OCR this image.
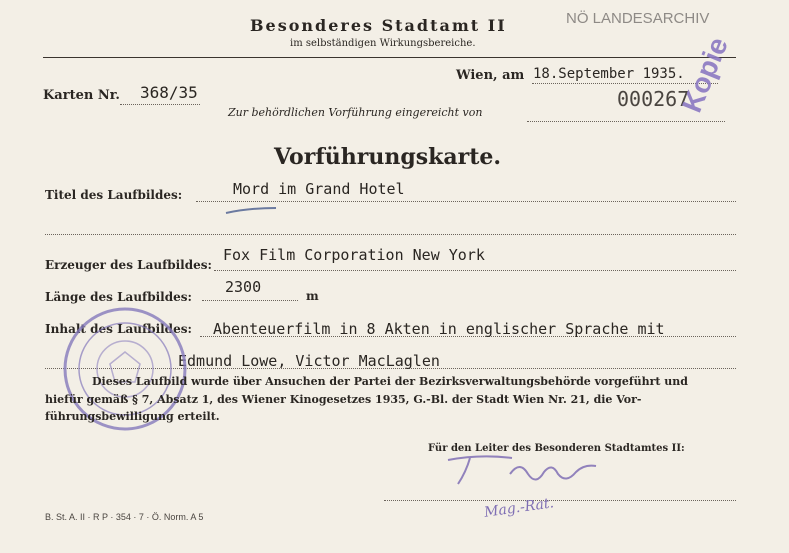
Besonderes Stadtamt II
im selbständigen Wirkungsbereiche.
NÖ LANDESARCHIV
Wien, am 18.September 1935.
Karten Nr. 368/35
Zur behördlichen Vorführung eingereicht von
000267
Kopie
Vorführungskarte.
Titel des Laufbildes:	Mord im Grand Hotel
Erzeuger des Laufbildes:
Fox Film Corporation New York
Länge des Laufbildes:
2300	m
Inhalt des Laufbildes: Abenteuerfilm in 8 Akten in englischer Sprache mit
Edmund Lowe, Victor MacLaglen
Dieses Laufbild wurde über Ansuchen der Partei der Bezirksverwaltungsbehörde vorgeführt und
hiefür gemäß § 7, Absatz 1, des Wiener Kinogesetzes 1935, G.-Bl. der Stadt Wien Nr. 21, die Vor-
führungsbewilligung erteilt.
Für den Leiter des Besonderen Stadtamtes II:
Mag.-Rat.
B. St. A. II · R P · 354 · 7 · Ö. Norm. A 5
